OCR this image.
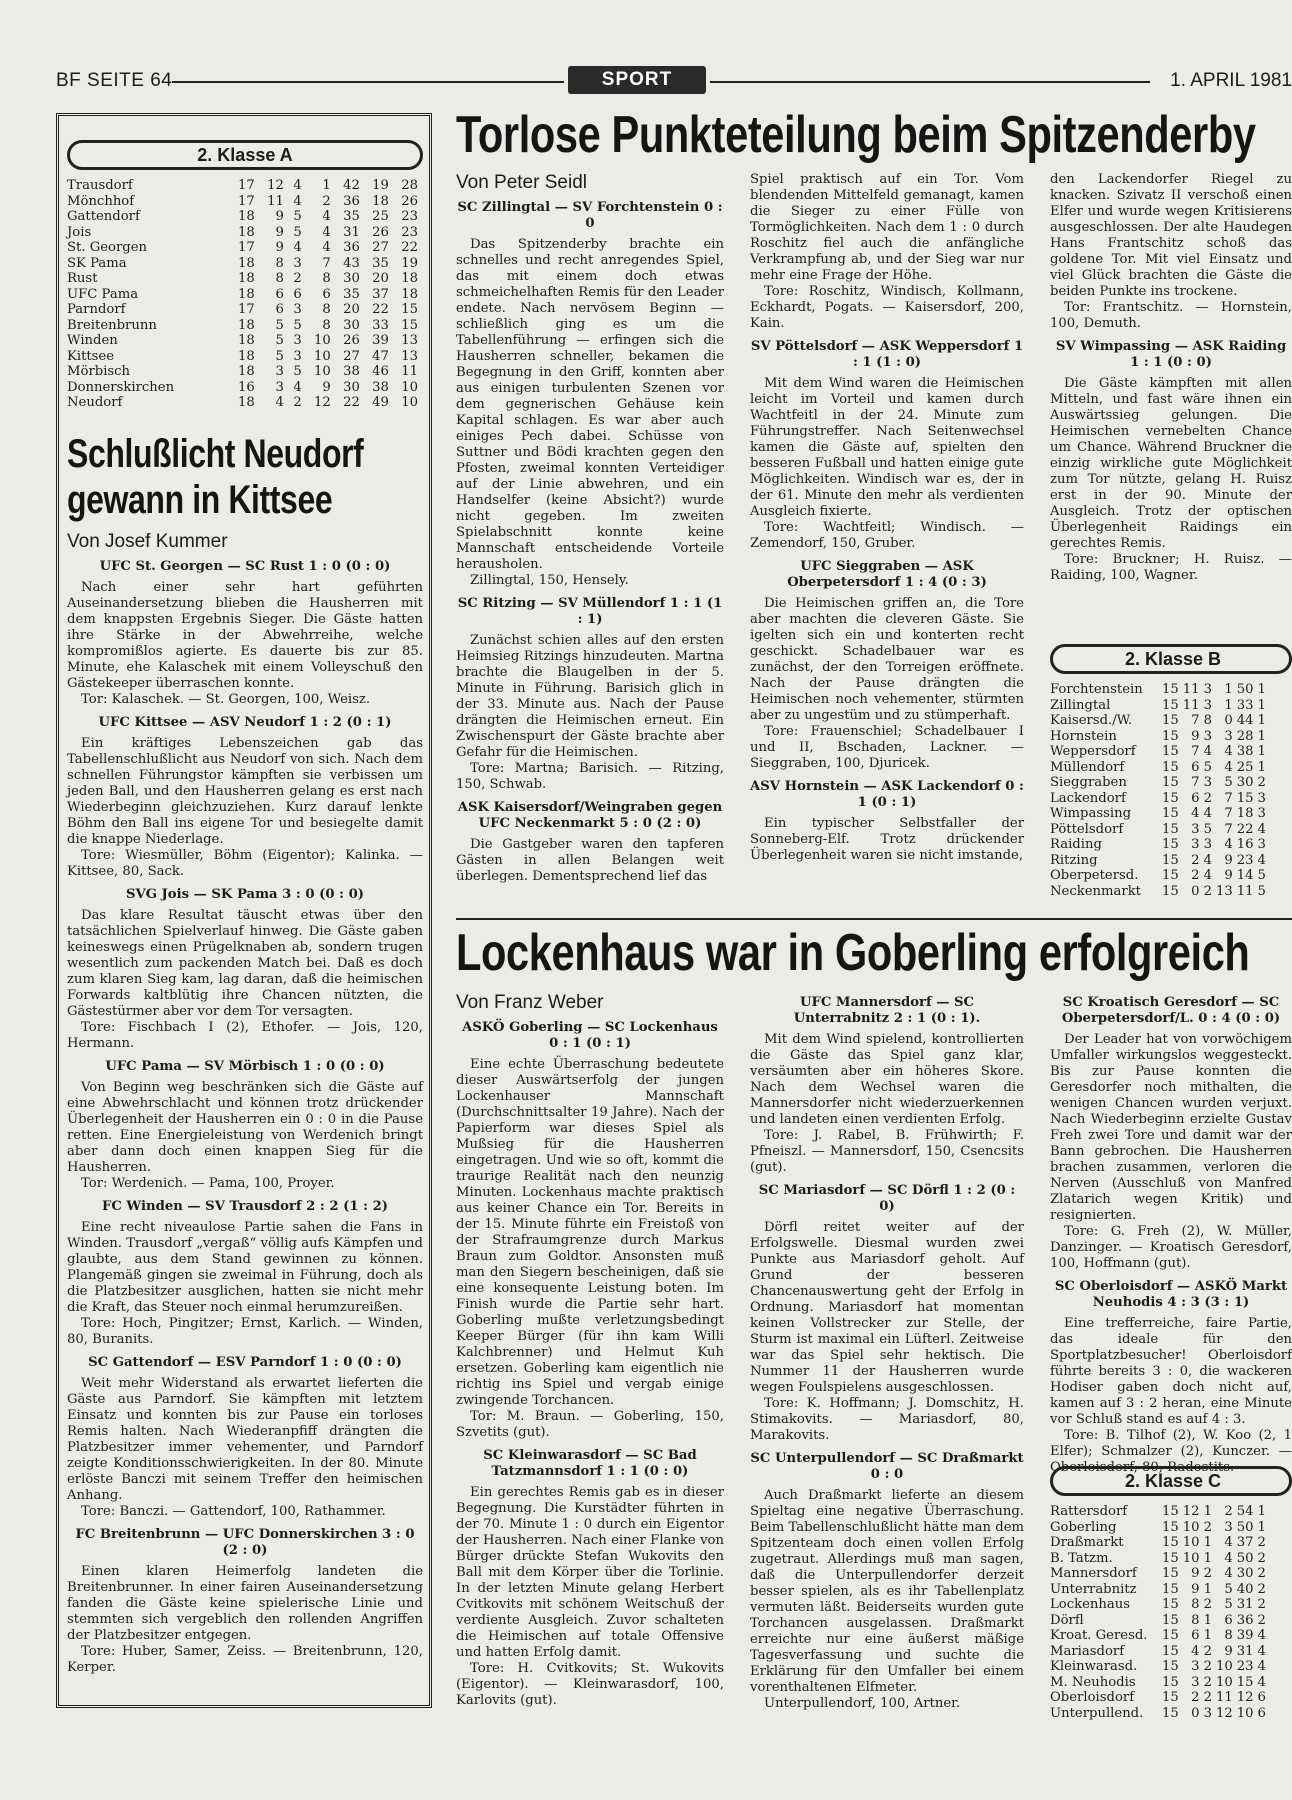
BF SEITE 64	SPORT	1. APRIL 1981
2. Klasse A
Trausdorf	17	12	4	1	42	19	28
Mönchhof	17	11	4	2	36	18	26
Gattendorf	18	9	5	4	35	25	23
Jois	18	9	5	4	31	26	23
St. Georgen	17	9	4	4	36	27	22
SK Pama	18	8	3	7	43	35	19
Rust	18	8	2	8	30	20	18
UFC Pama	18	6	6	6	35	37	18
Parndorf	17	6	3	8	20	22	15
Breitenbrunn	18	5	5	8	30	33	15
Winden	18	5	3	10	26	39	13
Kittsee	18	5	3	10	27	47	13
Mörbisch	18	3	5	10	38	46	11
Donnerskirchen	16	3	4	9	30	38	10
Neudorf	18	4	2	12	22	49	10
Schlußlicht Neudorf
gewann in Kittsee
Von Josef Kummer
UFC St. Georgen — SC Rust 1 : 0 (0 : 0)

Nach einer sehr hart geführten Auseinandersetzung blieben die Hausherren mit dem knappsten Ergebnis Sieger. Die Gäste hatten ihre Stärke in der Abwehrreihe, welche kompromißlos agierte. Es dauerte bis zur 85. Minute, ehe Kalaschek mit einem Volleyschuß den Gästekeeper überraschen konnte.

Tor: Kalaschek. — St. Georgen, 100, Weisz.

UFC Kittsee — ASV Neudorf 1 : 2 (0 : 1)

Ein kräftiges Lebenszeichen gab das Tabellenschlußlicht aus Neudorf von sich. Nach dem schnellen Führungstor kämpften sie verbissen um jeden Ball, und den Hausherren gelang es erst nach Wiederbeginn gleichzuziehen. Kurz darauf lenkte Böhm den Ball ins eigene Tor und besiegelte damit die knappe Niederlage.

Tore: Wiesmüller, Böhm (Eigentor); Kalinka. — Kittsee, 80, Sack.

SVG Jois — SK Pama 3 : 0 (0 : 0)

Das klare Resultat täuscht etwas über den tatsächlichen Spielverlauf hinweg. Die Gäste gaben keineswegs einen Prügelknaben ab, sondern trugen wesentlich zum packenden Match bei. Daß es doch zum klaren Sieg kam, lag daran, daß die heimischen Forwards kaltblütig ihre Chancen nützten, die Gästestürmer aber vor dem Tor versagten.

Tore: Fischbach I (2), Ethofer. — Jois, 120, Hermann.

UFC Pama — SV Mörbisch 1 : 0 (0 : 0)

Von Beginn weg beschränken sich die Gäste auf eine Abwehrschlacht und können trotz drückender Überlegenheit der Hausherren ein 0 : 0 in die Pause retten. Eine Energieleistung von Werdenich bringt aber dann doch einen knappen Sieg für die Hausherren.

Tor: Werdenich. — Pama, 100, Proyer.

FC Winden — SV Trausdorf 2 : 2 (1 : 2)

Eine recht niveaulose Partie sahen die Fans in Winden. Trausdorf „vergaß“ völlig aufs Kämpfen und glaubte, aus dem Stand gewinnen zu können. Plangemäß gingen sie zweimal in Führung, doch als die Platzbesitzer ausglichen, hatten sie nicht mehr die Kraft, das Steuer noch einmal herumzureißen.

Tore: Hoch, Pingitzer; Ernst, Karlich. — Winden, 80, Buranits.

SC Gattendorf — ESV Parndorf 1 : 0 (0 : 0)

Weit mehr Widerstand als erwartet lieferten die Gäste aus Parndorf. Sie kämpften mit letztem Einsatz und konnten bis zur Pause ein torloses Remis halten. Nach Wiederanpfiff drängten die Platzbesitzer immer vehementer, und Parndorf zeigte Konditionsschwierigkeiten. In der 80. Minute erlöste Banczi mit seinem Treffer den heimischen Anhang.

Tore: Banczi. — Gattendorf, 100, Rathammer.

FC Breitenbrunn — UFC Donnerskirchen 3 : 0 (2 : 0)

Einen klaren Heimerfolg landeten die Breitenbrunner. In einer fairen Auseinandersetzung fanden die Gäste keine spielerische Linie und stemmten sich vergeblich den rollenden Angriffen der Platzbesitzer entgegen.

Tore: Huber, Samer, Zeiss. — Breitenbrunn, 120, Kerper.

Torlose Punkteteilung beim Spitzenderby
Von Peter Seidl
SC Zillingtal — SV Forchtenstein 0 : 0

Das Spitzenderby brachte ein schnelles und recht anregendes Spiel, das mit einem doch etwas schmeichelhaften Remis für den Leader endete. Nach nervösem Beginn — schließlich ging es um die Tabellenführung — erfingen sich die Hausherren schneller, bekamen die Begegnung in den Griff, konnten aber aus einigen turbulenten Szenen vor dem gegnerischen Gehäuse kein Kapital schlagen. Es war aber auch einiges Pech dabei. Schüsse von Suttner und Bödi krachten gegen den Pfosten, zweimal konnten Verteidiger auf der Linie abwehren, und ein Handselfer (keine Absicht?) wurde nicht gegeben. Im zweiten Spielabschnitt konnte keine Mannschaft entscheidende Vorteile herausholen.

Zillingtal, 150, Hensely.

SC Ritzing — SV Müllendorf 1 : 1 (1 : 1)

Zunächst schien alles auf den ersten Heimsieg Ritzings hinzudeuten. Martna brachte die Blaugelben in der 5. Minute in Führung. Barisich glich in der 33. Minute aus. Nach der Pause drängten die Heimischen erneut. Ein Zwischenspurt der Gäste brachte aber Gefahr für die Heimischen.

Tore: Martna; Barisich. — Ritzing, 150, Schwab.

ASK Kaisersdorf/Weingraben gegen UFC Neckenmarkt 5 : 0 (2 : 0)

Die Gastgeber waren den tapferen Gästen in allen Belangen weit überlegen. Dementsprechend lief das

Spiel praktisch auf ein Tor. Vom blendenden Mittelfeld gemanagt, kamen die Sieger zu einer Fülle von Tormöglichkeiten. Nach dem 1 : 0 durch Roschitz fiel auch die anfängliche Verkrampfung ab, und der Sieg war nur mehr eine Frage der Höhe.

Tore: Roschitz, Windisch, Kollmann, Eckhardt, Pogats. — Kaisersdorf, 200, Kain.

SV Pöttelsdorf — ASK Weppersdorf 1 : 1 (1 : 0)

Mit dem Wind waren die Heimischen leicht im Vorteil und kamen durch Wachtfeitl in der 24. Minute zum Führungstreffer. Nach Seitenwechsel kamen die Gäste auf, spielten den besseren Fußball und hatten einige gute Möglichkeiten. Windisch war es, der in der 61. Minute den mehr als verdienten Ausgleich fixierte.

Tore: Wachtfeitl; Windisch. — Zemendorf, 150, Gruber.

UFC Sieggraben — ASK Oberpetersdorf 1 : 4 (0 : 3)

Die Heimischen griffen an, die Tore aber machten die cleveren Gäste. Sie igelten sich ein und konterten recht geschickt. Schadelbauer war es zunächst, der den Torreigen eröffnete. Nach der Pause drängten die Heimischen noch vehementer, stürmten aber zu ungestüm und zu stümperhaft.

Tore: Frauenschiel; Schadelbauer I und II, Bschaden, Lackner. — Sieggraben, 100, Djuricek.

ASV Hornstein — ASK Lackendorf 0 : 1 (0 : 1)

Ein typischer Selbstfaller der Sonneberg-Elf. Trotz drückender Überlegenheit waren sie nicht imstande,

den Lackendorfer Riegel zu knacken. Szivatz II verschoß einen Elfer und wurde wegen Kritisierens ausgeschlossen. Der alte Haudegen Hans Frantschitz schoß das goldene Tor. Mit viel Einsatz und viel Glück brachten die Gäste die beiden Punkte ins trockene.

Tor: Frantschitz. — Hornstein, 100, Demuth.

SV Wimpassing — ASK Raiding 1 : 1 (0 : 0)

Die Gäste kämpften mit allen Mitteln, und fast wäre ihnen ein Auswärtssieg gelungen. Die Heimischen vernebelten Chance um Chance. Während Bruckner die einzig wirkliche gute Möglichkeit zum Tor nützte, gelang H. Ruisz erst in der 90. Minute der Ausgleich. Trotz der optischen Überlegenheit Raidings ein gerechtes Remis.

Tore: Bruckner; H. Ruisz. — Raiding, 100, Wagner.

2. Klasse B
Forchtenstein	15	11	3	1	50	1
Zillingtal	15	11	3	1	33	1
Kaisersd./W.	15	7	8	0	44	1
Hornstein	15	9	3	3	28	1
Weppersdorf	15	7	4	4	38	1
Müllendorf	15	6	5	4	25	1
Sieggraben	15	7	3	5	30	2
Lackendorf	15	6	2	7	15	3
Wimpassing	15	4	4	7	18	3
Pöttelsdorf	15	3	5	7	22	4
Raiding	15	3	3	4	16	3
Ritzing	15	2	4	9	23	4
Oberpetersd.	15	2	4	9	14	5
Neckenmarkt	15	0	2	13	11	5
Lockenhaus war in Goberling erfolgreich
Von Franz Weber
ASKÖ Goberling — SC Lockenhaus 0 : 1 (0 : 1)

Eine echte Überraschung bedeutete dieser Auswärtserfolg der jungen Lockenhauser Mannschaft (Durchschnittsalter 19 Jahre). Nach der Papierform war dieses Spiel als Mußsieg für die Hausherren eingetragen. Und wie so oft, kommt die traurige Realität nach den neunzig Minuten. Lockenhaus machte praktisch aus keiner Chance ein Tor. Bereits in der 15. Minute führte ein Freistoß von der Strafraumgrenze durch Markus Braun zum Goldtor. Ansonsten muß man den Siegern bescheinigen, daß sie eine konsequente Leistung boten. Im Finish wurde die Partie sehr hart. Goberling mußte verletzungsbedingt Keeper Bürger (für ihn kam Willi Kalchbrenner) und Helmut Kuh ersetzen. Goberling kam eigentlich nie richtig ins Spiel und vergab einige zwingende Torchancen.

Tor: M. Braun. — Goberling, 150, Szvetits (gut).

SC Kleinwarasdorf — SC Bad Tatzmannsdorf 1 : 1 (0 : 0)

Ein gerechtes Remis gab es in dieser Begegnung. Die Kurstädter führten in der 70. Minute 1 : 0 durch ein Eigentor der Hausherren. Nach einer Flanke von Bürger drückte Stefan Wukovits den Ball mit dem Körper über die Torlinie. In der letzten Minute gelang Herbert Cvitkovits mit schönem Weitschuß der verdiente Ausgleich. Zuvor schalteten die Heimischen auf totale Offensive und hatten Erfolg damit.

Tore: H. Cvitkovits; St. Wukovits (Eigentor). — Kleinwarasdorf, 100, Karlovits (gut).

UFC Mannersdorf — SC Unterrabnitz 2 : 1 (0 : 1).

Mit dem Wind spielend, kontrollierten die Gäste das Spiel ganz klar, versäumten aber ein höheres Skore. Nach dem Wechsel waren die Mannersdorfer nicht wiederzuerkennen und landeten einen verdienten Erfolg.

Tore: J. Rabel, B. Frühwirth; F. Pfneiszl. — Mannersdorf, 150, Csencsits (gut).

SC Mariasdorf — SC Dörfl 1 : 2 (0 : 0)

Dörfl reitet weiter auf der Erfolgswelle. Diesmal wurden zwei Punkte aus Mariasdorf geholt. Auf Grund der besseren Chancenauswertung geht der Erfolg in Ordnung. Mariasdorf hat momentan keinen Vollstrecker zur Stelle, der Sturm ist maximal ein Lüfterl. Zeitweise war das Spiel sehr hektisch. Die Nummer 11 der Hausherren wurde wegen Foulspielens ausgeschlossen.

Tore: K. Hoffmann; J. Domschitz, H. Stimakovits. — Mariasdorf, 80, Marakovits.

SC Unterpullendorf — SC Draßmarkt 0 : 0

Auch Draßmarkt lieferte an diesem Spieltag eine negative Überraschung. Beim Tabellenschlußlicht hätte man dem Spitzenteam doch einen vollen Erfolg zugetraut. Allerdings muß man sagen, daß die Unterpullendorfer derzeit besser spielen, als es ihr Tabellenplatz vermuten läßt. Beiderseits wurden gute Torchancen ausgelassen. Draßmarkt erreichte nur eine äußerst mäßige Tagesverfassung und suchte die Erklärung für den Umfaller bei einem vorenthaltenen Elfmeter.

Unterpullendorf, 100, Artner.

SC Kroatisch Geresdorf — SC Oberpetersdorf/L. 0 : 4 (0 : 0)

Der Leader hat von vorwöchigem Umfaller wirkungslos weggesteckt. Bis zur Pause konnten die Geresdorfer noch mithalten, die wenigen Chancen wurden verjuxt. Nach Wiederbeginn erzielte Gustav Freh zwei Tore und damit war der Bann gebrochen. Die Hausherren brachen zusammen, verloren die Nerven (Ausschluß von Manfred Zlatarich wegen Kritik) und resignierten.

Tore: G. Freh (2), W. Müller, Danzinger. — Kroatisch Geresdorf, 100, Hoffmann (gut).

SC Oberloisdorf — ASKÖ Markt Neuhodis 4 : 3 (3 : 1)

Eine trefferreiche, faire Partie, das ideale für den Sportplatzbesucher! Oberloisdorf führte bereits 3 : 0, die wackeren Hodiser gaben doch nicht auf, kamen auf 3 : 2 heran, eine Minute vor Schluß stand es auf 4 : 3.

Tore: B. Tilhof (2), W. Koo (2, 1 Elfer); Schmalzer (2), Kunczer. — Oberloisdorf, 80, Radostits.

2. Klasse C
Rattersdorf	15	12	1	2	54	1
Goberling	15	10	2	3	50	1
Draßmarkt	15	10	1	4	37	2
B. Tatzm.	15	10	1	4	50	2
Mannersdorf	15	9	2	4	30	2
Unterrabnitz	15	9	1	5	40	2
Lockenhaus	15	8	2	5	31	2
Dörfl	15	8	1	6	36	2
Kroat. Geresd.	15	6	1	8	39	4
Mariasdorf	15	4	2	9	31	4
Kleinwarasd.	15	3	2	10	23	4
M. Neuhodis	15	3	2	10	15	4
Oberloisdorf	15	2	2	11	12	6
Unterpullend.	15	0	3	12	10	6
